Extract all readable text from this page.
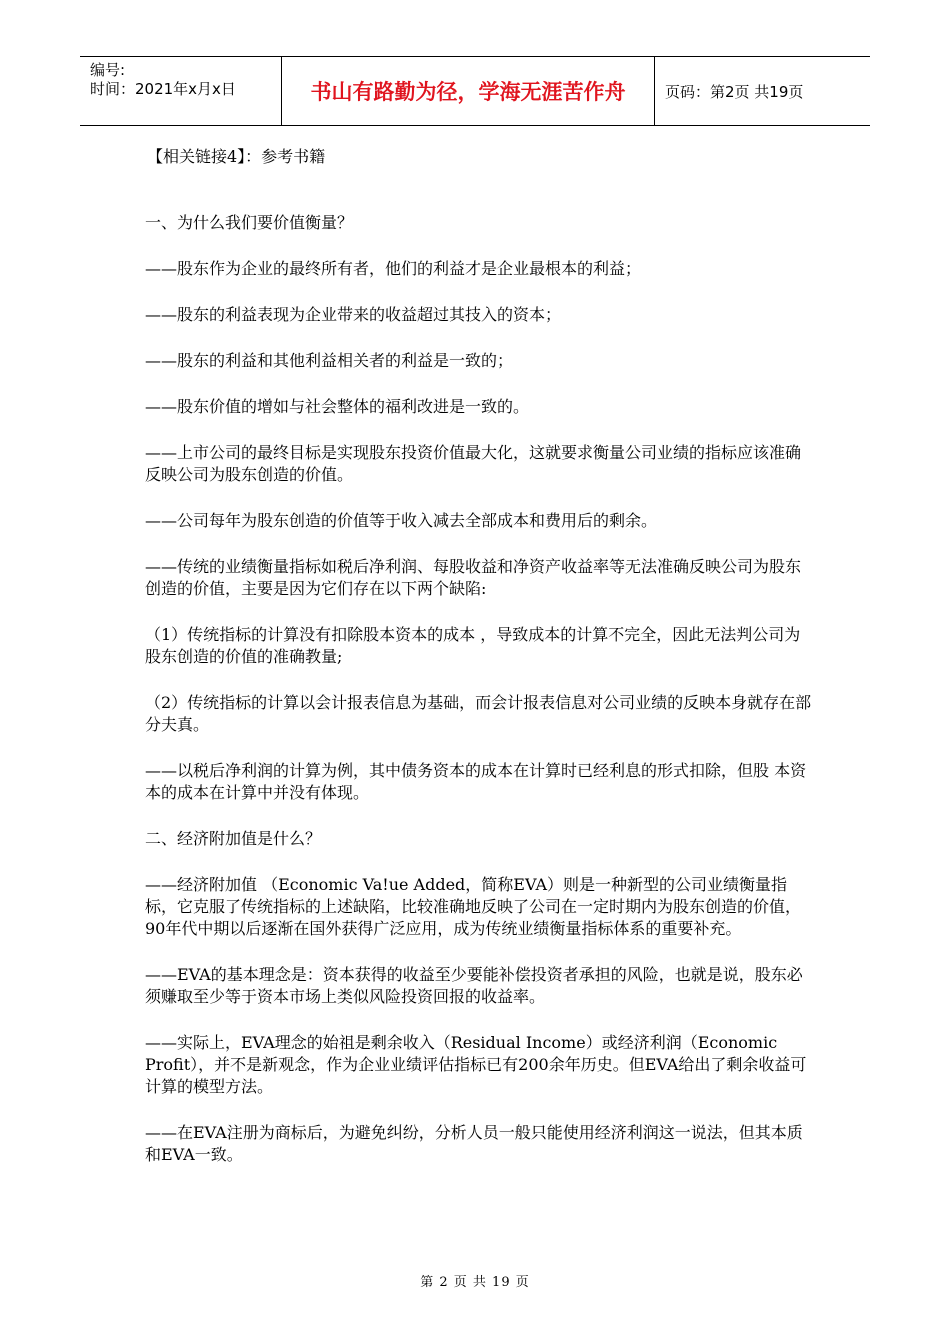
编号:
时间：2021年x月x日	书山有路勤为径，学海无涯苦作舟	页码：第2页 共19页

【相关链接4】：参考书籍

一、为什么我们要价值衡量？

——股东作为企业的最终所有者，他们的利益才是企业最根本的利益；

——股东的利益表现为企业带来的收益超过其技入的资本；

——股东的利益和其他利益相关者的利益是一致的；

——股东价值的增如与社会整体的福利改进是一致的。

——上市公司的最终目标是实现股东投资价值最大化，这就要求衡量公司业绩的指标应该准确反映公司为股东创造的价值。

——公司每年为股东创造的价值等于收入减去全部成本和费用后的剩余。

——传统的业绩衡量指标如税后净利润、每股收益和净资产收益率等无法准确反映公司为股东创造的价值，主要是因为它们存在以下两个缺陷:

（1）传统指标的计算没有扣除股本资本的成本 ，导致成本的计算不完全，因此无法判公司为股东创造的价值的准确教量;

（2）传统指标的计算以会计报表信息为基础，而会计报表信息对公司业绩的反映本身就存在部分夫真。

——以税后净利润的计算为例，其中债务资本的成本在计算时已经利息的形式扣除，但股 本资本的成本在计算中并没有体现。

二、经济附加值是什么？

——经济附加值 （Economic Va!ue Added，简称EVA）则是一种新型的公司业绩衡量指标，它克服了传统指标的上述缺陷，比较准确地反映了公司在一定时期内为股东创造的价值，90年代中期以后逐渐在国外获得广泛应用，成为传统业绩衡量指标体系的重要补充。

——EVA的基本理念是：资本获得的收益至少要能补偿投资者承担的风险，也就是说，股东必须赚取至少等于资本市场上类似风险投资回报的收益率。

——实际上，EVA理念的始祖是剩余收入（Residual Income）或经济利润（Economic Profit），并不是新观念，作为企业业绩评估指标已有200余年历史。但EVA给出了剩余收益可计算的模型方法。

——在EVA注册为商标后，为避免纠纷，分析人员一般只能使用经济利润这一说法，但其本质和EVA一致。

第 2 页 共 19 页
